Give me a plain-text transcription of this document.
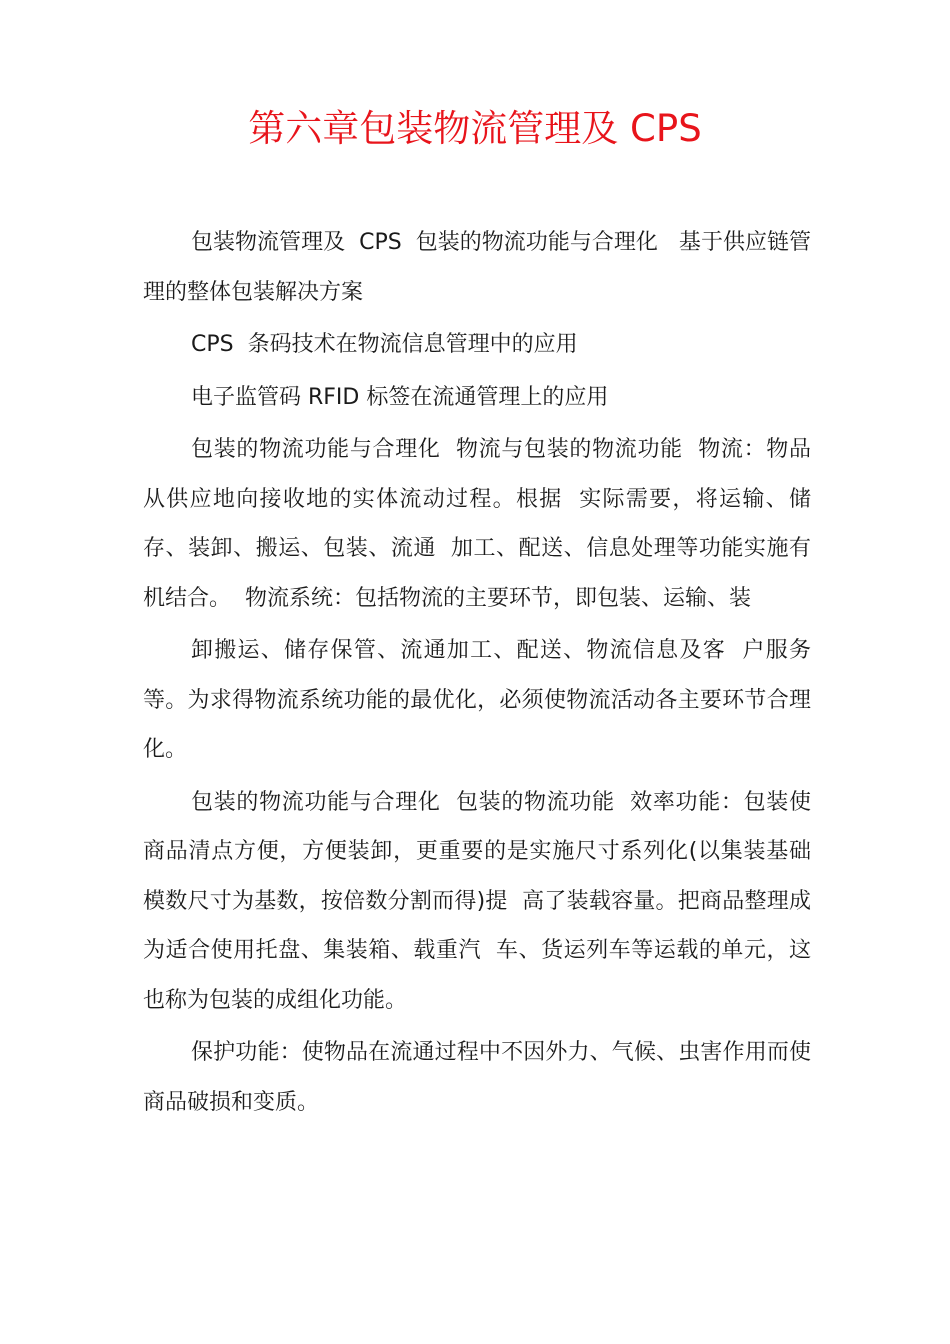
第六章包装物流管理及 CPS

包装物流管理及  CPS  包装的物流功能与合理化   基于供应链管理的整体包装解决方案

CPS  条码技术在物流信息管理中的应用

电子监管码 RFID 标签在流通管理上的应用

包装的物流功能与合理化  物流与包装的物流功能  物流：物品从供应地向接收地的实体流动过程。根据  实际需要，将运输、储存、装卸、搬运、包装、流通  加工、配送、信息处理等功能实施有机结合。  物流系统：包括物流的主要环节，即包装、运输、装

卸搬运、储存保管、流通加工、配送、物流信息及客  户服务等。为求得物流系统功能的最优化，必须使物流活动各主要环节合理化。

包装的物流功能与合理化  包装的物流功能  效率功能：包装使商品清点方便，方便装卸，更重要的是实施尺寸系列化(以集装基础模数尺寸为基数，按倍数分割而得)提  高了装载容量。把商品整理成为适合使用托盘、集装箱、载重汽  车、货运列车等运载的单元，这也称为包装的成组化功能。

保护功能：使物品在流通过程中不因外力、气候、虫害作用而使商品破损和变质。
